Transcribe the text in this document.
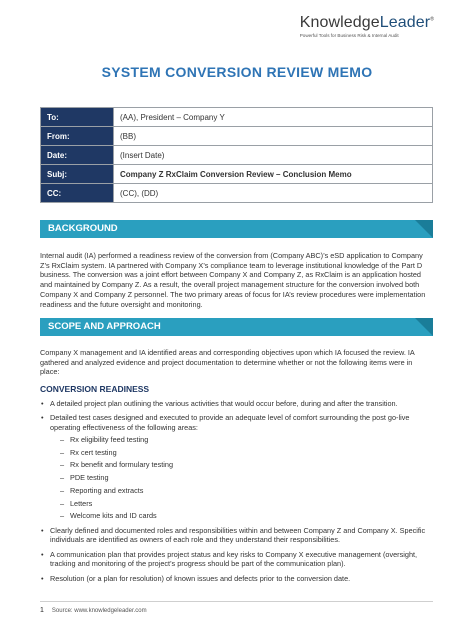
KnowledgeLeader®
Powerful Tools for Business Risk & Internal Audit
SYSTEM CONVERSION REVIEW MEMO
To:	(AA), President – Company Y
From:	(BB)
Date:	(Insert Date)
Subj:	Company Z RxClaim Conversion Review – Conclusion Memo
CC:	(CC), (DD)
BACKGROUND

Internal audit (IA) performed a readiness review of the conversion from (Company ABC)’s eSD application to Company Z’s RxClaim system. IA partnered with Company X’s compliance team to leverage institutional knowledge of the Part D business. The conversion was a joint effort between Company X and Company Z, as RxClaim is an application hosted and maintained by Company Z. As a result, the overall project management structure for the conversion involved both Company X and Company Z personnel. The two primary areas of focus for IA’s review procedures were implementation readiness and the future oversight and monitoring.

SCOPE AND APPROACH

Company X management and IA identified areas and corresponding objectives upon which IA focused the review. IA gathered and analyzed evidence and project documentation to determine whether or not the following items were in place:

CONVERSION READINESS
• A detailed project plan outlining the various activities that would occur before, during and after the transition.
• Detailed test cases designed and executed to provide an adequate level of comfort surrounding the post go-live operating effectiveness of the following areas:
– Rx eligibility feed testing
– Rx cert testing
– Rx benefit and formulary testing
– PDE testing
– Reporting and extracts
– Letters
– Welcome kits and ID cards
• Clearly defined and documented roles and responsibilities within and between Company Z and Company X. Specific individuals are identified as owners of each role and they understand their responsibilities.
• A communication plan that provides project status and key risks to Company X executive management (oversight, tracking and monitoring of the project’s progress should be part of the communication plan).
• Resolution (or a plan for resolution) of known issues and defects prior to the conversion date.
1 Source: www.knowledgeleader.com
